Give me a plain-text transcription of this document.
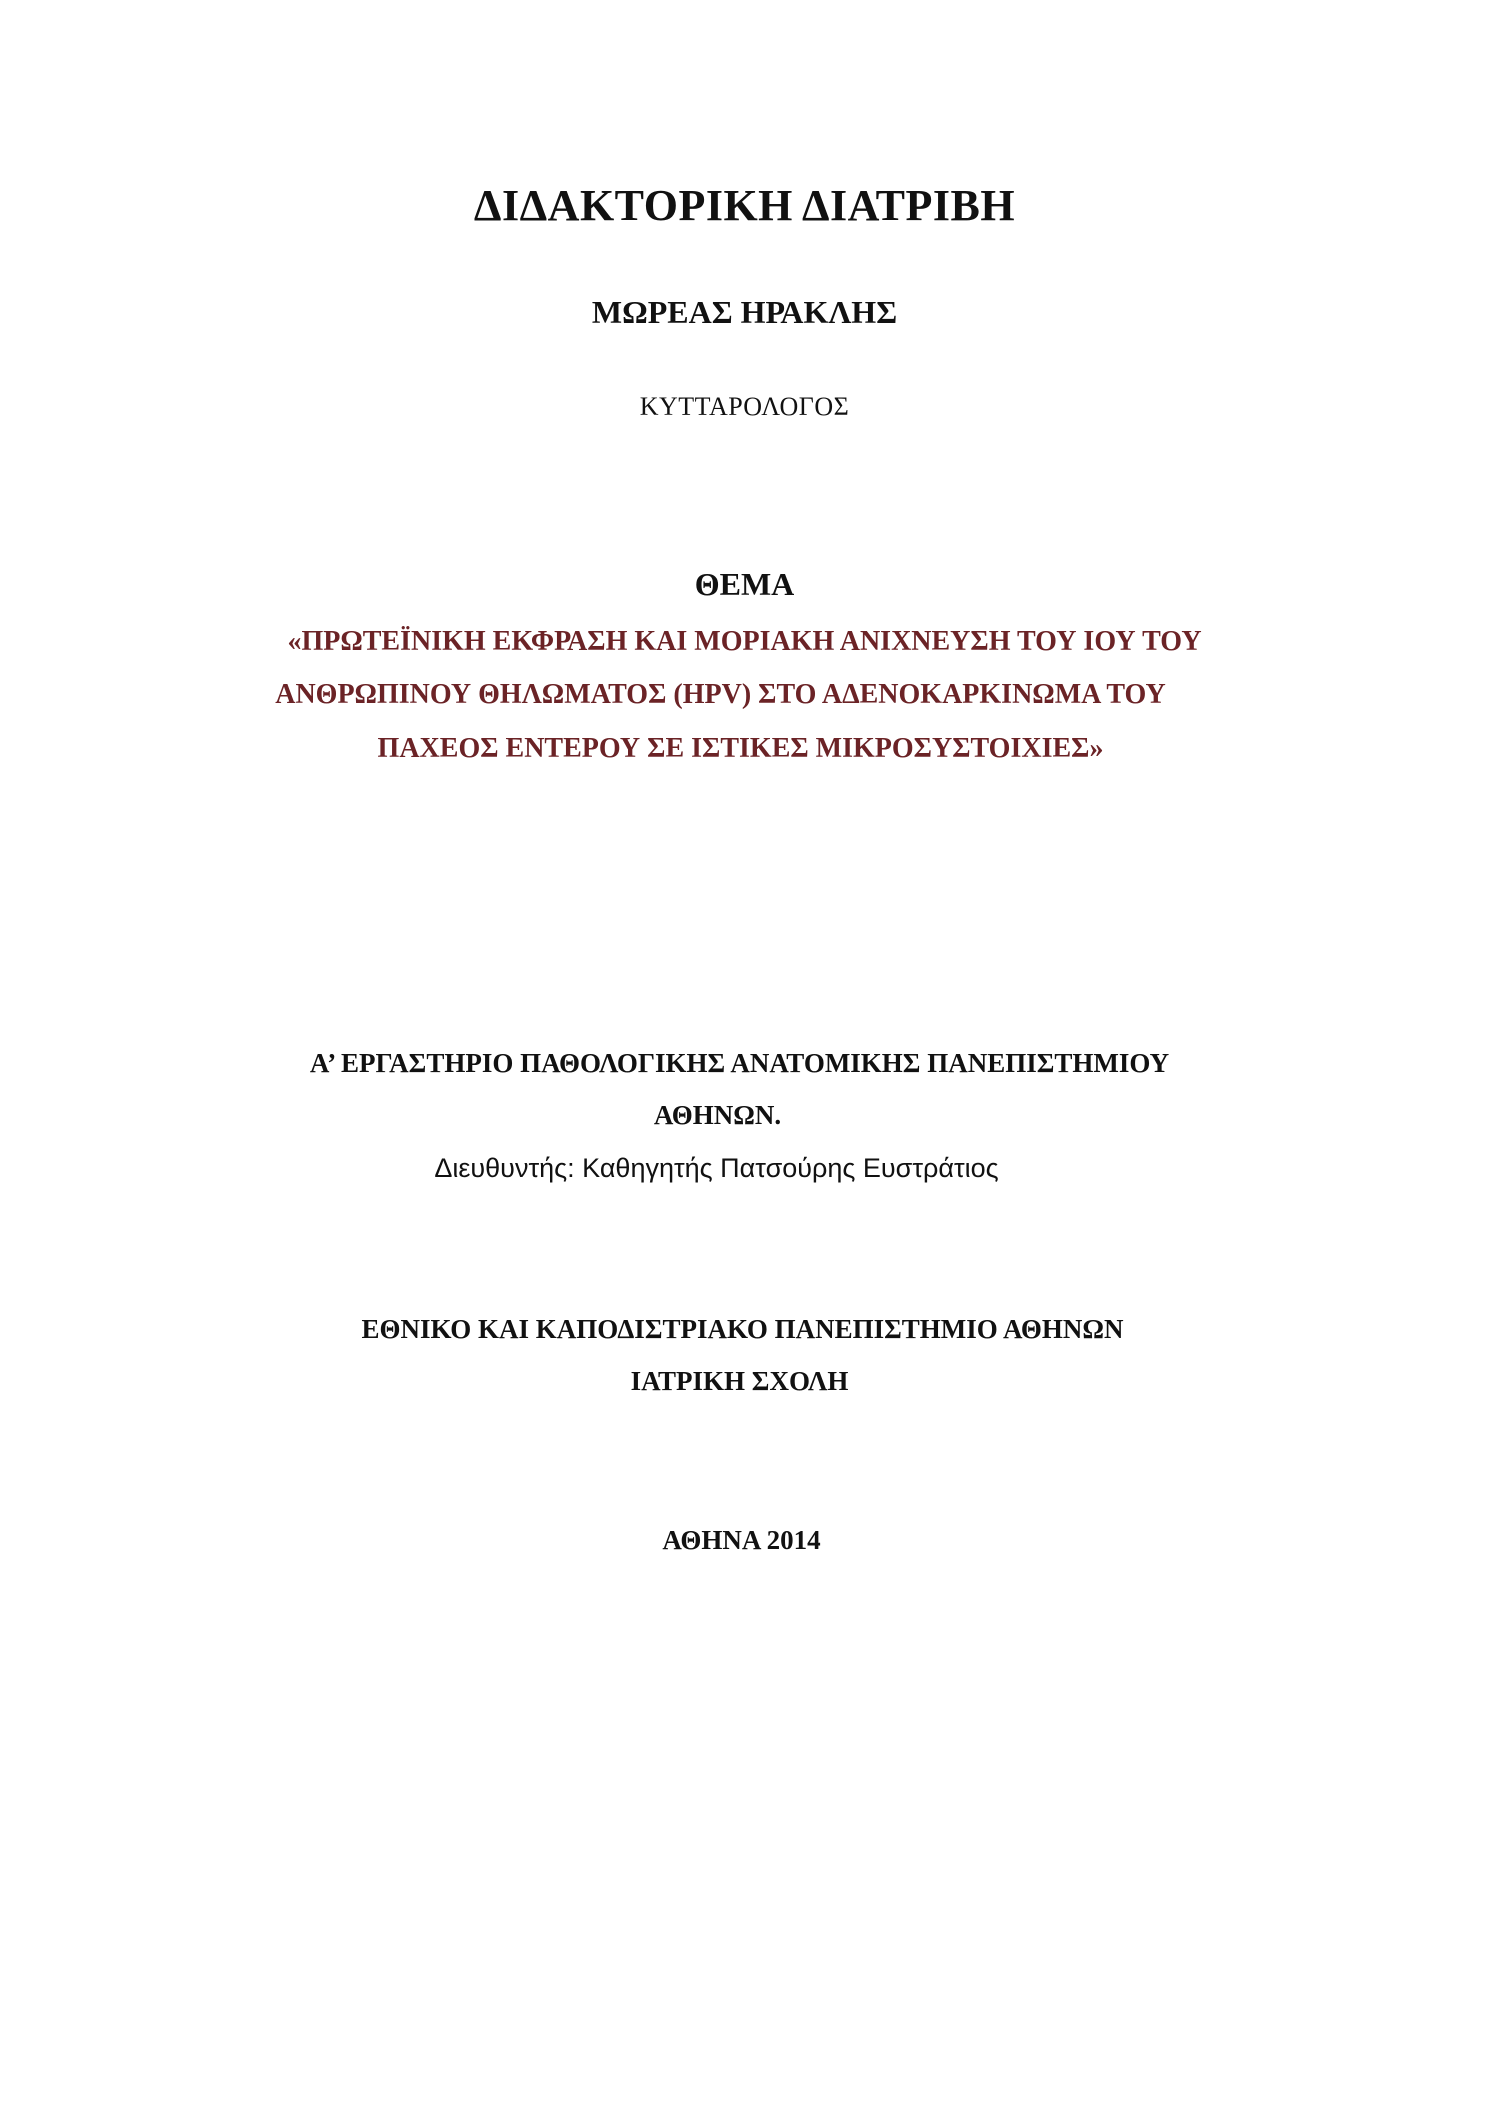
ΔΙΔΑΚΤΟΡΙΚΗ ΔΙΑΤΡΙΒΗ
ΜΩΡΕΑΣ ΗΡΑΚΛΗΣ
ΚΥΤΤΑΡΟΛΟΓΟΣ
ΘΕΜΑ
«ΠΡΩΤΕΪΝΙΚΗ ΕΚΦΡΑΣΗ ΚΑΙ ΜΟΡΙΑΚΗ ΑΝΙΧΝΕΥΣΗ ΤΟΥ ΙΟΥ ΤΟΥ
ΑΝΘΡΩΠΙΝΟΥ ΘΗΛΩΜΑΤΟΣ (HPV) ΣΤΟ ΑΔΕΝΟΚΑΡΚΙΝΩΜΑ ΤΟΥ
ΠΑΧΕΟΣ ΕΝΤΕΡΟΥ ΣΕ ΙΣΤΙΚΕΣ ΜΙΚΡΟΣΥΣΤΟΙΧΙΕΣ»
Α’ ΕΡΓΑΣΤΗΡΙΟ ΠΑΘΟΛΟΓΙΚΗΣ ΑΝΑΤΟΜΙΚΗΣ ΠΑΝΕΠΙΣΤΗΜΙΟΥ
ΑΘΗΝΩΝ.
Διευθυντής: Καθηγητής Πατσούρης Ευστράτιος
ΕΘΝΙΚΟ ΚΑΙ ΚΑΠΟΔΙΣΤΡΙΑΚΟ ΠΑΝΕΠΙΣΤΗΜΙΟ ΑΘΗΝΩΝ
ΙΑΤΡΙΚΗ ΣΧΟΛΗ
ΑΘΗΝΑ 2014
